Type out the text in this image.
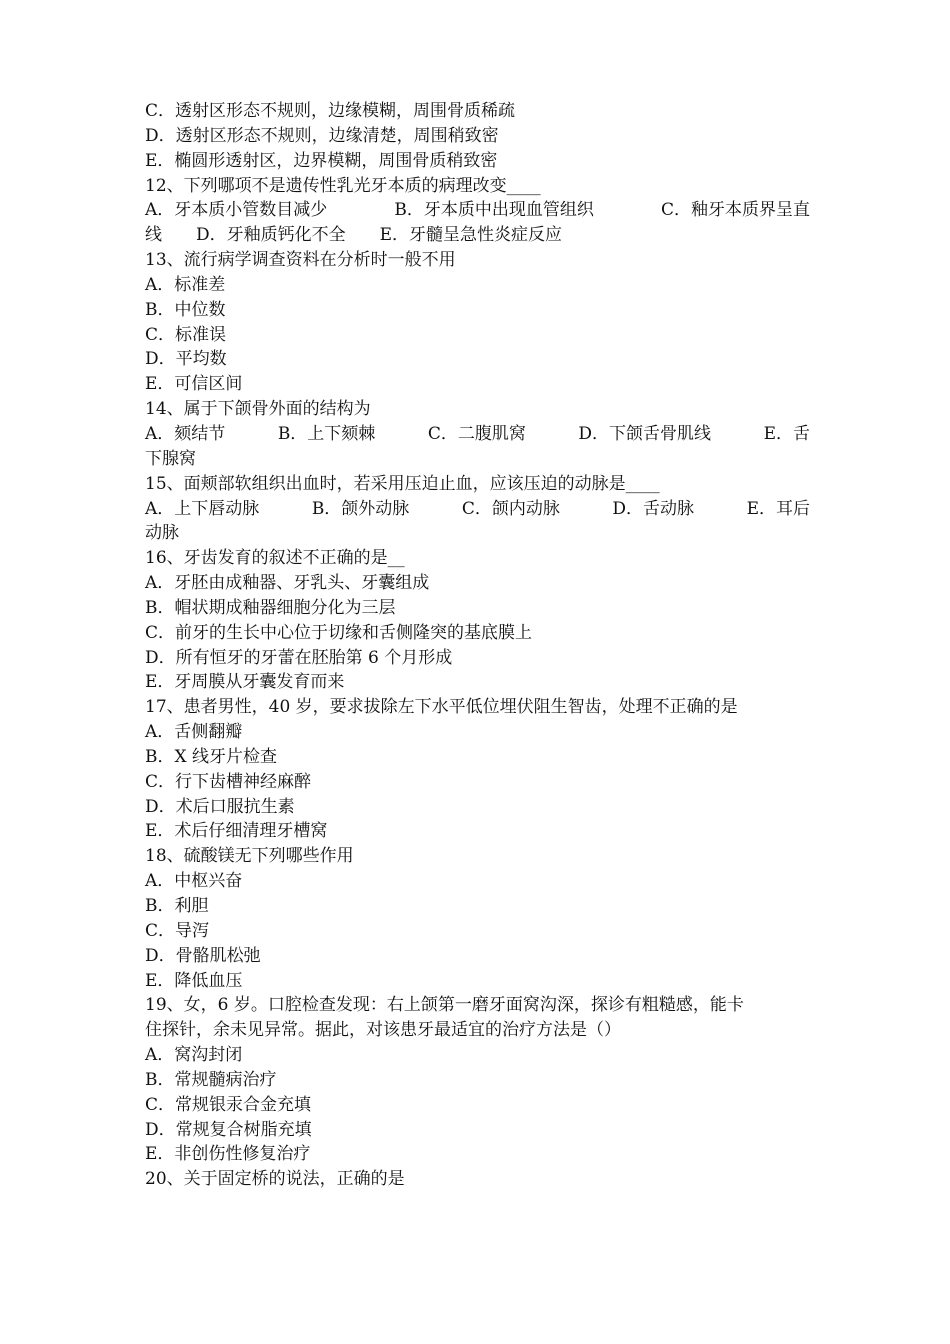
C．透射区形态不规则，边缘模糊，周围骨质稀疏
D．透射区形态不规则，边缘清楚，周围稍致密
E．椭圆形透射区，边界模糊，周围骨质稍致密
12、下列哪项不是遗传性乳光牙本质的病理改变____
A．牙本质小管数目减少	B．牙本质中出现血管组织	C．釉牙本质界呈直
线 D．牙釉质钙化不全 E．牙髓呈急性炎症反应
13、流行病学调查资料在分析时一般不用
A．标准差
B．中位数
C．标准误
D．平均数
E．可信区间
14、属于下颌骨外面的结构为
A．颏结节	B．上下颏棘	C．二腹肌窝	D．下颌舌骨肌线	E．舌
下腺窝
15、面颊部软组织出血时，若采用压迫止血，应该压迫的动脉是____
A．上下唇动脉	B．颌外动脉	C．颌内动脉	D．舌动脉	E．耳后
动脉
16、牙齿发育的叙述不正确的是__
A．牙胚由成釉器、牙乳头、牙囊组成
B．帽状期成釉器细胞分化为三层
C．前牙的生长中心位于切缘和舌侧隆突的基底膜上
D．所有恒牙的牙蕾在胚胎第 6 个月形成
E．牙周膜从牙囊发育而来
17、患者男性，40 岁，要求拔除左下水平低位埋伏阻生智齿，处理不正确的是
A．舌侧翻瓣
B．X 线牙片检查
C．行下齿槽神经麻醉
D．术后口服抗生素
E．术后仔细清理牙槽窝
18、硫酸镁无下列哪些作用
A．中枢兴奋
B．利胆
C．导泻
D．骨骼肌松弛
E．降低血压
19、女，6 岁。口腔检查发现：右上颌第一磨牙面窝沟深，探诊有粗糙感，能卡
住探针，余未见异常。据此，对该患牙最适宜的治疗方法是（）
A．窝沟封闭
B．常规髓病治疗
C．常规银汞合金充填
D．常规复合树脂充填
E．非创伤性修复治疗
20、关于固定桥的说法，正确的是
